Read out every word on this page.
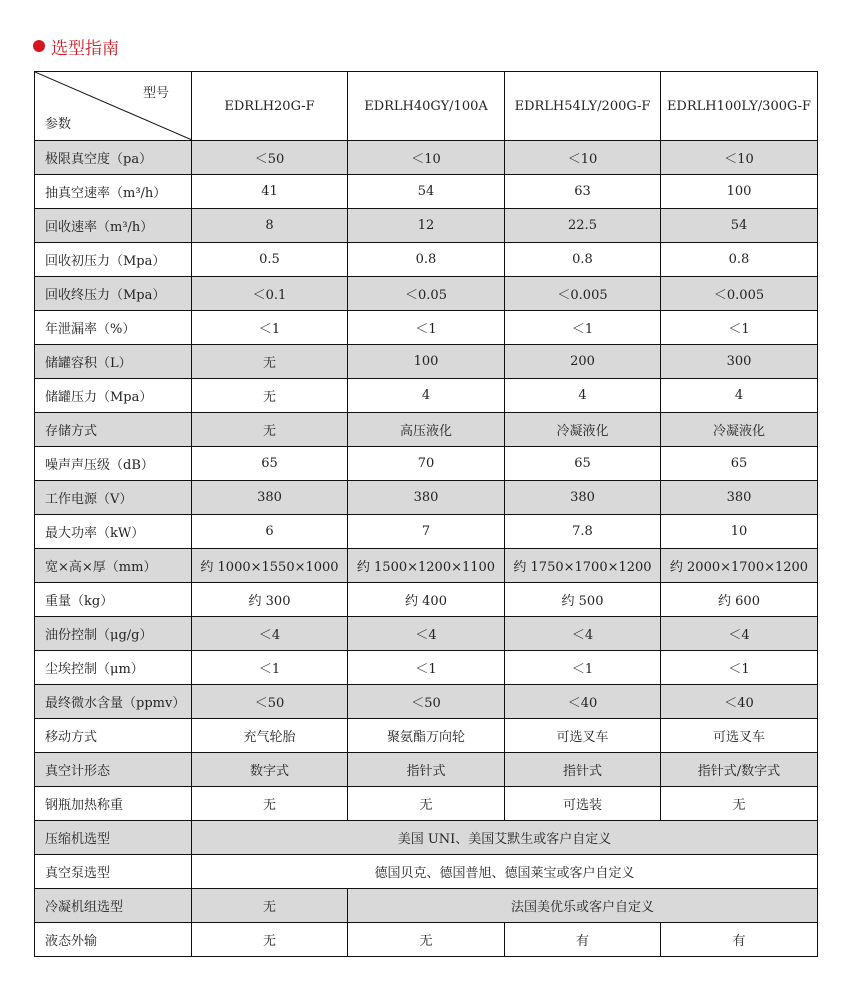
选型指南
型号
参数	EDRLH20G-F	EDRLH40GY/100A	EDRLH54LY/200G-F	EDRLH100LY/300G-F
极限真空度（pa）	＜50	＜10	＜10	＜10
抽真空速率（m³/h）	41	54	63	100
回收速率（m³/h）	8	12	22.5	54
回收初压力（Mpa）	0.5	0.8	0.8	0.8
回收终压力（Mpa）	＜0.1	＜0.05	＜0.005	＜0.005
年泄漏率（%）	＜1	＜1	＜1	＜1
储罐容积（L）	无	100	200	300
储罐压力（Mpa）	无	4	4	4
存储方式	无	高压液化	冷凝液化	冷凝液化
噪声声压级（dB）	65	70	65	65
工作电源（V）	380	380	380	380
最大功率（kW）	6	7	7.8	10
宽×高×厚（mm）	约 1000×1550×1000	约 1500×1200×1100	约 1750×1700×1200	约 2000×1700×1200
重量（kg）	约 300	约 400	约 500	约 600
油份控制（μg/g）	＜4	＜4	＜4	＜4
尘埃控制（μm）	＜1	＜1	＜1	＜1
最终微水含量（ppmv）	＜50	＜50	＜40	＜40
移动方式	充气轮胎	聚氨酯万向轮	可选叉车	可选叉车
真空计形态	数字式	指针式	指针式	指针式/数字式
钢瓶加热称重	无	无	可选装	无
压缩机选型	美国 UNI、美国艾默生或客户自定义			
真空泵选型	德国贝克、德国普旭、德国莱宝或客户自定义			
冷凝机组选型	无	法国美优乐或客户自定义		
液态外输	无	无	有	有
